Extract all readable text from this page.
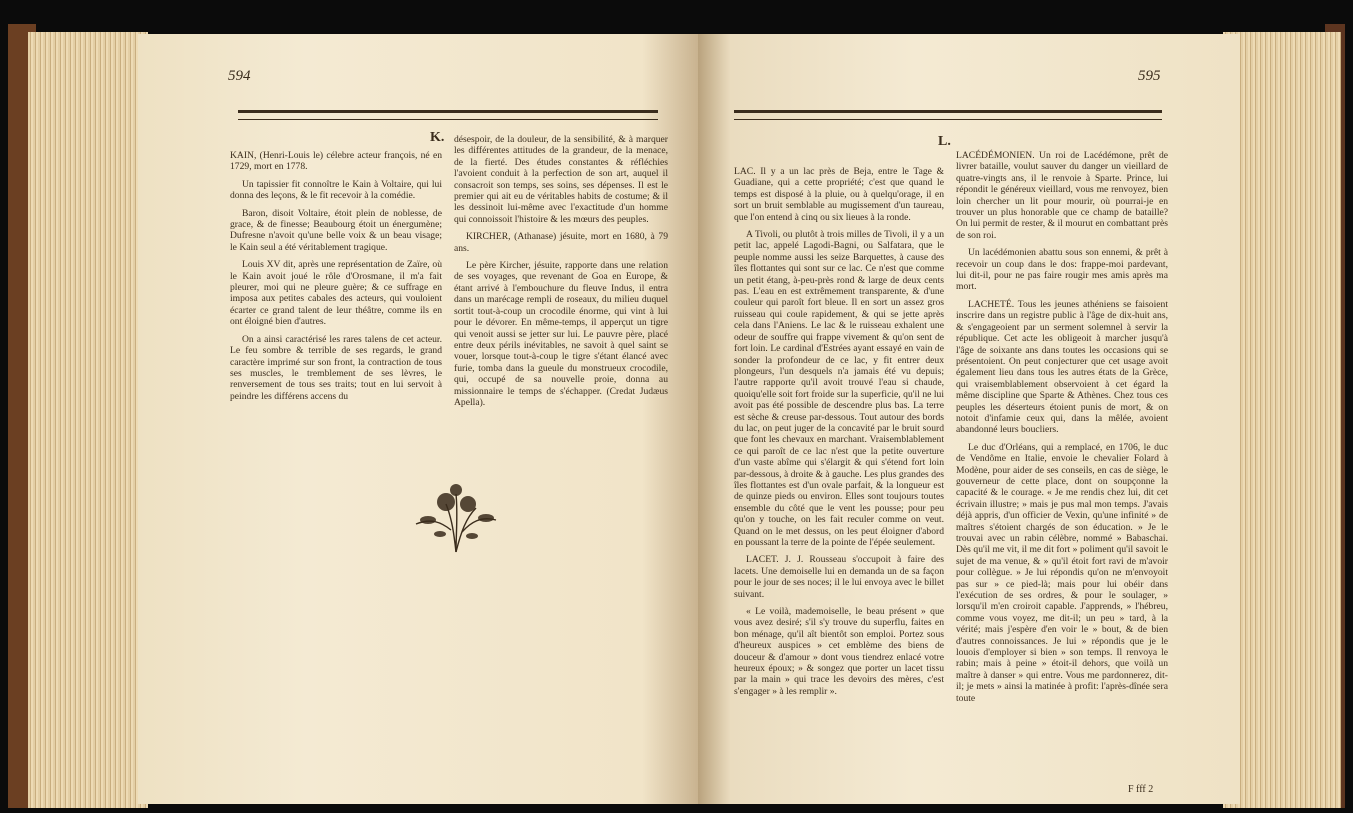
594
K.

KAIN, (Henri-Louis le) célebre acteur françois, né en 1729, mort en 1778.

Un tapissier fit connoître le Kain à Voltaire, qui lui donna des leçons, & le fit recevoir à la comédie.

Baron, disoit Voltaire, étoit plein de noblesse, de grace, & de finesse; Beaubourg étoit un énergumène; Dufresne n'avoit qu'une belle voix & un beau visage; le Kain seul a été véritablement tragique.

Louis XV dit, après une représentation de Zaïre, où le Kain avoit joué le rôle d'Orosmane, il m'a fait pleurer, moi qui ne pleure guère; & ce suffrage en imposa aux petites cabales des acteurs, qui vouloient écarter ce grand talent de leur théâtre, comme ils en ont éloigné bien d'autres.

On a ainsi caractérisé les rares talens de cet acteur. Le feu sombre & terrible de ses regards, le grand caractère imprimé sur son front, la contraction de tous ses muscles, le tremblement de ses lèvres, le renversement de tous ses traits; tout en lui servoit à peindre les différens accens du

désespoir, de la douleur, de la sensibilité, & à marquer les différentes attitudes de la grandeur, de la menace, de la fierté. Des études constantes & réfléchies l'avoient conduit à la perfection de son art, auquel il consacroit son temps, ses soins, ses dépenses. Il est le premier qui ait eu de véritables habits de costume; & il les dessinoit lui-même avec l'exactitude d'un homme qui connoissoit l'histoire & les mœurs des peuples.

KIRCHER, (Athanase) jésuite, mort en 1680, à 79 ans.

Le père Kircher, jésuite, rapporte dans une relation de ses voyages, que revenant de Goa en Europe, & étant arrivé à l'embouchure du fleuve Indus, il entra dans un marécage rempli de roseaux, du milieu duquel sortit tout-à-coup un crocodile énorme, qui vint à lui pour le dévorer. En même-temps, il apperçut un tigre qui venoit aussi se jetter sur lui. Le pauvre père, placé entre deux périls inévitables, ne savoit à quel saint se vouer, lorsque tout-à-coup le tigre s'étant élancé avec furie, tomba dans la gueule du monstrueux crocodile, qui, occupé de sa nouvelle proie, donna au missionnaire le temps de s'échapper. (Credat Judæus Apella).

595
L.

LAC. Il y a un lac près de Beja, entre le Tage & Guadiane, qui a cette propriété; c'est que quand le temps est disposé à la pluie, ou à quelqu'orage, il en sort un bruit semblable au mugissement d'un taureau, que l'on entend à cinq ou six lieues à la ronde.

A Tivoli, ou plutôt à trois milles de Tivoli, il y a un petit lac, appelé Lagodi-Bagni, ou Salfatara, que le peuple nomme aussi les seize Barquettes, à cause des îles flottantes qui sont sur ce lac. Ce n'est que comme un petit étang, à-peu-près rond & large de deux cents pas. L'eau en est extrêmement transparente, & d'une couleur qui paroît fort bleue. Il en sort un assez gros ruisseau qui coule rapidement, & qui se jette après cela dans l'Aniens. Le lac & le ruisseau exhalent une odeur de souffre qui frappe vivement & qu'on sent de fort loin. Le cardinal d'Estrées ayant essayé en vain de sonder la profondeur de ce lac, y fit entrer deux plongeurs, l'un desquels n'a jamais été vu depuis; l'autre rapporte qu'il avoit trouvé l'eau si chaude, quoiqu'elle soit fort froide sur la superficie, qu'il ne lui avoit pas été possible de descendre plus bas. La terre est sèche & creuse par-dessous. Tout autour des bords du lac, on peut juger de la concavité par le bruit sourd que font les chevaux en marchant. Vraisemblablement ce qui paroît de ce lac n'est que la petite ouverture d'un vaste abîme qui s'élargit & qui s'étend fort loin par-dessous, à droite & à gauche. Les plus grandes des îles flottantes est d'un ovale parfait, & la longueur est de quinze pieds ou environ. Elles sont toujours toutes ensemble du côté que le vent les pousse; pour peu qu'on y touche, on les fait reculer comme on veut. Quand on le met dessus, on les peut éloigner d'abord en poussant la terre de la pointe de l'épée seulement.

LACET. J. J. Rousseau s'occupoit à faire des lacets. Une demoiselle lui en demanda un de sa façon pour le jour de ses noces; il le lui envoya avec le billet suivant.

« Le voilà, mademoiselle, le beau présent » que vous avez desiré; s'il s'y trouve du superflu, faites en bon ménage, qu'il aît bientôt son emploi. Portez sous d'heureux auspices » cet emblème des biens de douceur & d'amour » dont vous tiendrez enlacé votre heureux époux; » & songez que porter un lacet tissu par la main » qui trace les devoirs des mères, c'est s'engager » à les remplir ».

LACÉDÉMONIEN. Un roi de Lacédémone, prêt de livrer bataille, voulut sauver du danger un vieillard de quatre-vingts ans, il le renvoie à Sparte. Prince, lui répondit le généreux vieillard, vous me renvoyez, bien loin chercher un lit pour mourir, où pourrai-je en trouver un plus honorable que ce champ de bataille? On lui permit de rester, & il mourut en combattant près de son roi.

Un lacédémonien abattu sous son ennemi, & prêt à recevoir un coup dans le dos: frappe-moi pardevant, lui dit-il, pour ne pas faire rougir mes amis après ma mort.

LACHETÉ. Tous les jeunes athéniens se faisoient inscrire dans un registre public à l'âge de dix-huit ans, & s'engageoient par un serment solemnel à servir la république. Cet acte les obligeoit à marcher jusqu'à l'âge de soixante ans dans toutes les occasions qui se présentoient. On peut conjecturer que cet usage avoit également lieu dans tous les autres états de la Grèce, qui vraisemblablement observoient à cet égard la même discipline que Sparte & Athènes. Chez tous ces peuples les déserteurs étoient punis de mort, & on notoit d'infamie ceux qui, dans la mêlée, avoient abandonné leurs boucliers.

Le duc d'Orléans, qui a remplacé, en 1706, le duc de Vendôme en Italie, envoie le chevalier Folard à Modène, pour aider de ses conseils, en cas de siège, le gouverneur de cette place, dont on soupçonne la capacité & le courage. « Je me rendis chez lui, dit cet écrivain illustre; » mais je pus mal mon temps. J'avais déjà appris, d'un officier de Vexin, qu'une infinité » de maîtres s'étoient chargés de son éducation. » Je le trouvai avec un rabin célèbre, nommé » Babaschai. Dès qu'il me vit, il me dit fort » poliment qu'il savoit le sujet de ma venue, & » qu'il étoit fort ravi de m'avoir pour collègue. » Je lui répondis qu'on ne m'envoyoit pas sur » ce pied-là; mais pour lui obéir dans l'exécution de ses ordres, & pour le soulager, » lorsqu'il m'en croiroit capable. J'apprends, » l'hébreu, comme vous voyez, me dit-il; un peu » tard, à la vérité; mais j'espère d'en voir le » bout, & de bien d'autres connoissances. Je lui » répondis que je le louois d'employer si bien » son temps. Il renvoya le rabin; mais à peine » étoit-il dehors, que voilà un maître à danser » qui entre. Vous me pardonnerez, dit-il; je mets » ainsi la matinée à profit: l'après-dînée sera toute

F fff 2
